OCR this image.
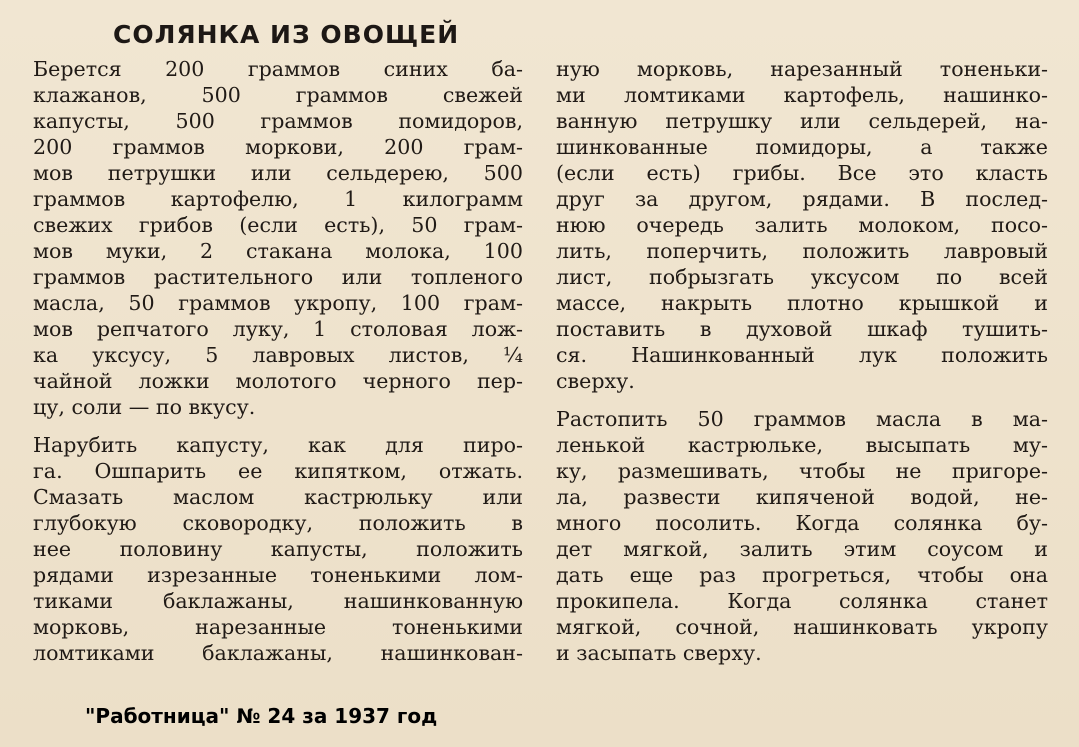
СОЛЯНКА ИЗ ОВОЩЕЙ
Берется 200 граммов синих ба-
клажанов, 500 граммов свежей
капусты, 500 граммов помидоров,
200 граммов моркови, 200 грам-
мов петрушки или сельдерею, 500
граммов картофелю, 1 килограмм
свежих грибов (если есть), 50 грам-
мов муки, 2 стакана молока, 100
граммов растительного или топленого
масла, 50 граммов укропу, 100 грам-
мов репчатого луку, 1 столовая лож-
ка уксусу, 5 лавровых листов, ¼
чайной ложки молотого черного пер-
цу, соли — по вкусу.
Нарубить капусту, как для пиро-
га. Ошпарить ее кипятком, отжать.
Смазать маслом кастрюльку или
глубокую сковородку, положить в
нее половину капусты, положить
рядами изрезанные тоненькими лом-
тиками баклажаны, нашинкованную
морковь, нарезанные тоненькими
ломтиками баклажаны, нашинкован-
ную морковь, нарезанный тоненьки-
ми ломтиками картофель, нашинко-
ванную петрушку или сельдерей, на-
шинкованные помидоры, а также
(если есть) грибы. Все это класть
друг за другом, рядами. В послед-
нюю очередь залить молоком, посо-
лить, поперчить, положить лавровый
лист, побрызгать уксусом по всей
массе, накрыть плотно крышкой и
поставить в духовой шкаф тушить-
ся. Нашинкованный лук положить
сверху.
Растопить 50 граммов масла в ма-
ленькой кастрюльке, высыпать му-
ку, размешивать, чтобы не пригоре-
ла, развести кипяченой водой, не-
много посолить. Когда солянка бу-
дет мягкой, залить этим соусом и
дать еще раз прогреться, чтобы она
прокипела. Когда солянка станет
мягкой, сочной, нашинковать укропу
и засыпать сверху.
"Работница" № 24 за 1937 год
